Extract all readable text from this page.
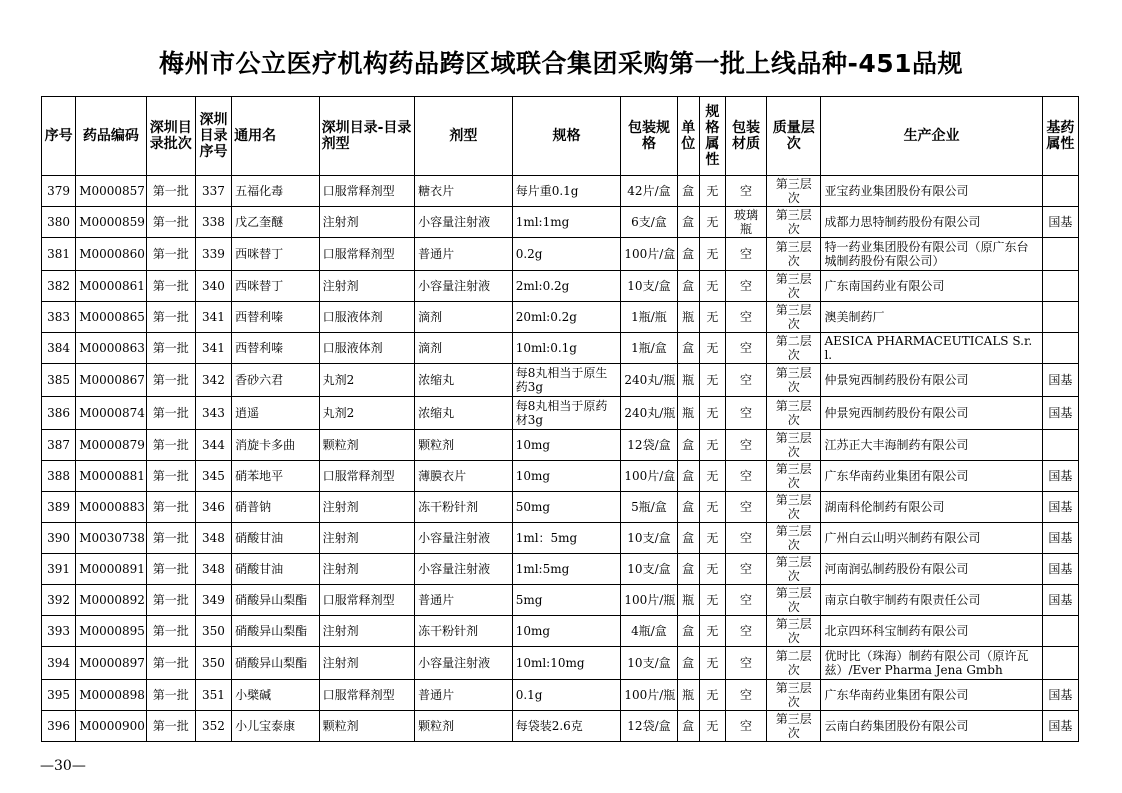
梅州市公立医疗机构药品跨区域联合集团采购第一批上线品种-451品规
序号	药品编码	深圳目录批次	深圳目录序号	通用名	深圳目录-目录剂型	剂型	规格	包装规格	单位	规格属性	包装材质	质量层次	生产企业	基药属性
379	M0000857	第一批	337	五福化毒	口服常释剂型	糖衣片	每片重0.1g	42片/盒	盒	无	空	第三层次	亚宝药业集团股份有限公司	
380	M0000859	第一批	338	戊乙奎醚	注射剂	小容量注射液	1ml:1mg	6支/盒	盒	无	玻璃瓶	第三层次	成都力思特制药股份有限公司	国基
381	M0000860	第一批	339	西咪替丁	口服常释剂型	普通片	0.2g	100片/盒	盒	无	空	第三层次	特一药业集团股份有限公司（原广东台城制药股份有限公司）	
382	M0000861	第一批	340	西咪替丁	注射剂	小容量注射液	2ml:0.2g	10支/盒	盒	无	空	第三层次	广东南国药业有限公司	
383	M0000865	第一批	341	西替利嗪	口服液体剂	滴剂	20ml:0.2g	1瓶/瓶	瓶	无	空	第三层次	澳美制药厂	
384	M0000863	第一批	341	西替利嗪	口服液体剂	滴剂	10ml:0.1g	1瓶/盒	盒	无	空	第二层次	AESICA PHARMACEUTICALS S.r.l.	
385	M0000867	第一批	342	香砂六君	丸剂2	浓缩丸	每8丸相当于原生药3g	240丸/瓶	瓶	无	空	第三层次	仲景宛西制药股份有限公司	国基
386	M0000874	第一批	343	逍遥	丸剂2	浓缩丸	每8丸相当于原药材3g	240丸/瓶	瓶	无	空	第三层次	仲景宛西制药股份有限公司	国基
387	M0000879	第一批	344	消旋卡多曲	颗粒剂	颗粒剂	10mg	12袋/盒	盒	无	空	第三层次	江苏正大丰海制药有限公司	
388	M0000881	第一批	345	硝苯地平	口服常释剂型	薄膜衣片	10mg	100片/盒	盒	无	空	第三层次	广东华南药业集团有限公司	国基
389	M0000883	第一批	346	硝普钠	注射剂	冻干粉针剂	50mg	5瓶/盒	盒	无	空	第三层次	湖南科伦制药有限公司	国基
390	M0030738	第一批	348	硝酸甘油	注射剂	小容量注射液	1ml：5mg	10支/盒	盒	无	空	第三层次	广州白云山明兴制药有限公司	国基
391	M0000891	第一批	348	硝酸甘油	注射剂	小容量注射液	1ml:5mg	10支/盒	盒	无	空	第三层次	河南润弘制药股份有限公司	国基
392	M0000892	第一批	349	硝酸异山梨酯	口服常释剂型	普通片	5mg	100片/瓶	瓶	无	空	第三层次	南京白敬宇制药有限责任公司	国基
393	M0000895	第一批	350	硝酸异山梨酯	注射剂	冻干粉针剂	10mg	4瓶/盒	盒	无	空	第三层次	北京四环科宝制药有限公司	
394	M0000897	第一批	350	硝酸异山梨酯	注射剂	小容量注射液	10ml:10mg	10支/盒	盒	无	空	第二层次	优时比（珠海）制药有限公司（原许瓦兹）/Ever Pharma Jena Gmbh	
395	M0000898	第一批	351	小檗碱	口服常释剂型	普通片	0.1g	100片/瓶	瓶	无	空	第三层次	广东华南药业集团有限公司	国基
396	M0000900	第一批	352	小儿宝泰康	颗粒剂	颗粒剂	每袋装2.6克	12袋/盒	盒	无	空	第三层次	云南白药集团股份有限公司	国基
—30—
